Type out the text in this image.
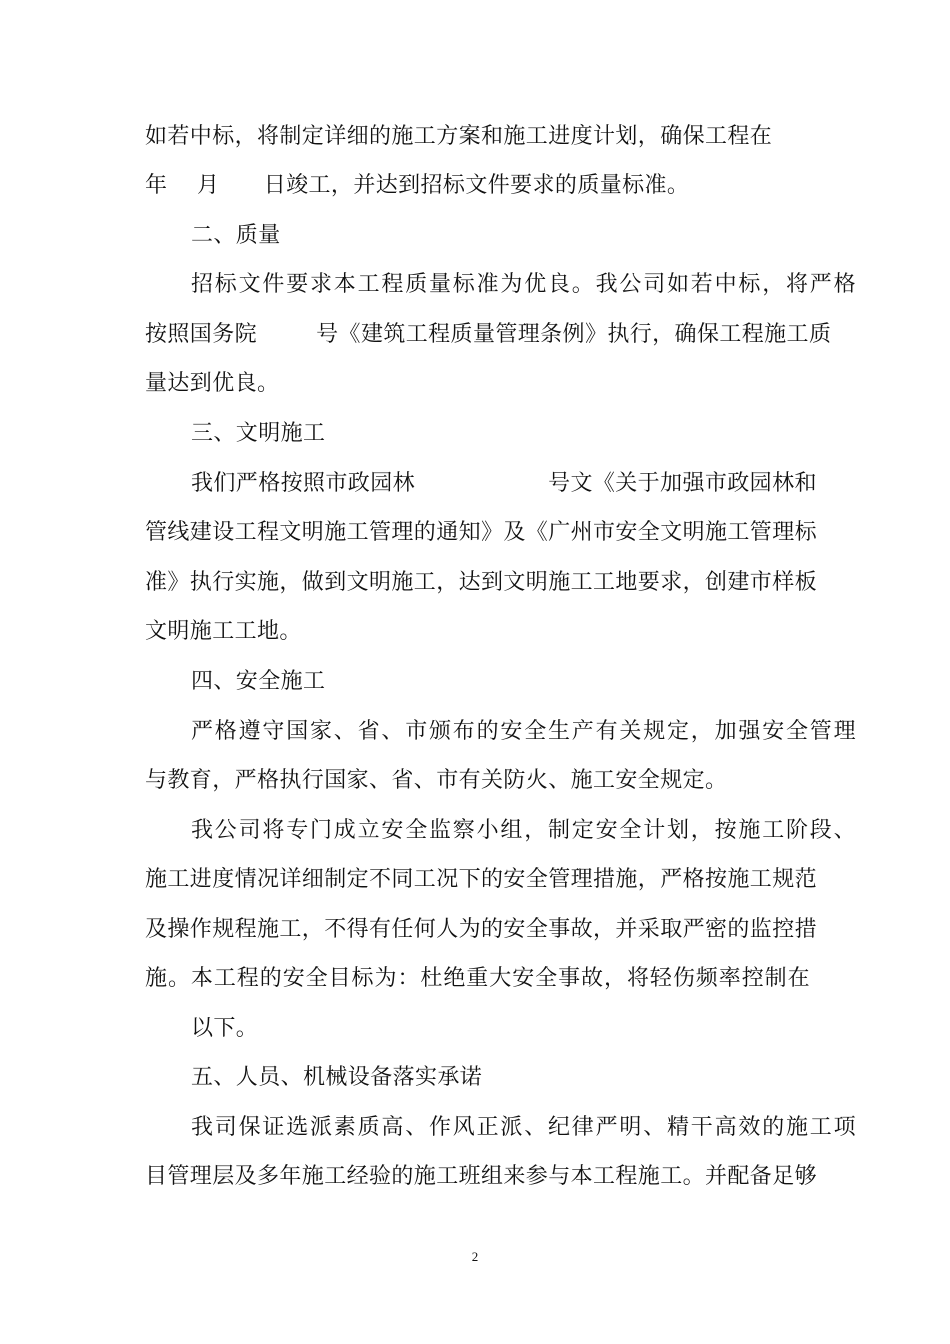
如若中标，将制定详细的施工方案和施工进度计划，确保工程在
年    月      日竣工，并达到招标文件要求的质量标准。
二、质量
招标文件要求本工程质量标准为优良。我公司如若中标，将严格
按照国务院        号《建筑工程质量管理条例》执行，确保工程施工质
量达到优良。
三、文明施工
我们严格按照市政园林                  号文《关于加强市政园林和
管线建设工程文明施工管理的通知》及《广州市安全文明施工管理标
准》执行实施，做到文明施工，达到文明施工工地要求，创建市样板
文明施工工地。
四、安全施工
严格遵守国家、省、市颁布的安全生产有关规定，加强安全管理
与教育，严格执行国家、省、市有关防火、施工安全规定。
我公司将专门成立安全监察小组，制定安全计划，按施工阶段、
施工进度情况详细制定不同工况下的安全管理措施，严格按施工规范
及操作规程施工，不得有任何人为的安全事故，并采取严密的监控措
施。本工程的安全目标为：杜绝重大安全事故，将轻伤频率控制在
以下。
五、人员、机械设备落实承诺
我司保证选派素质高、作风正派、纪律严明、精干高效的施工项
目管理层及多年施工经验的施工班组来参与本工程施工。并配备足够
2
